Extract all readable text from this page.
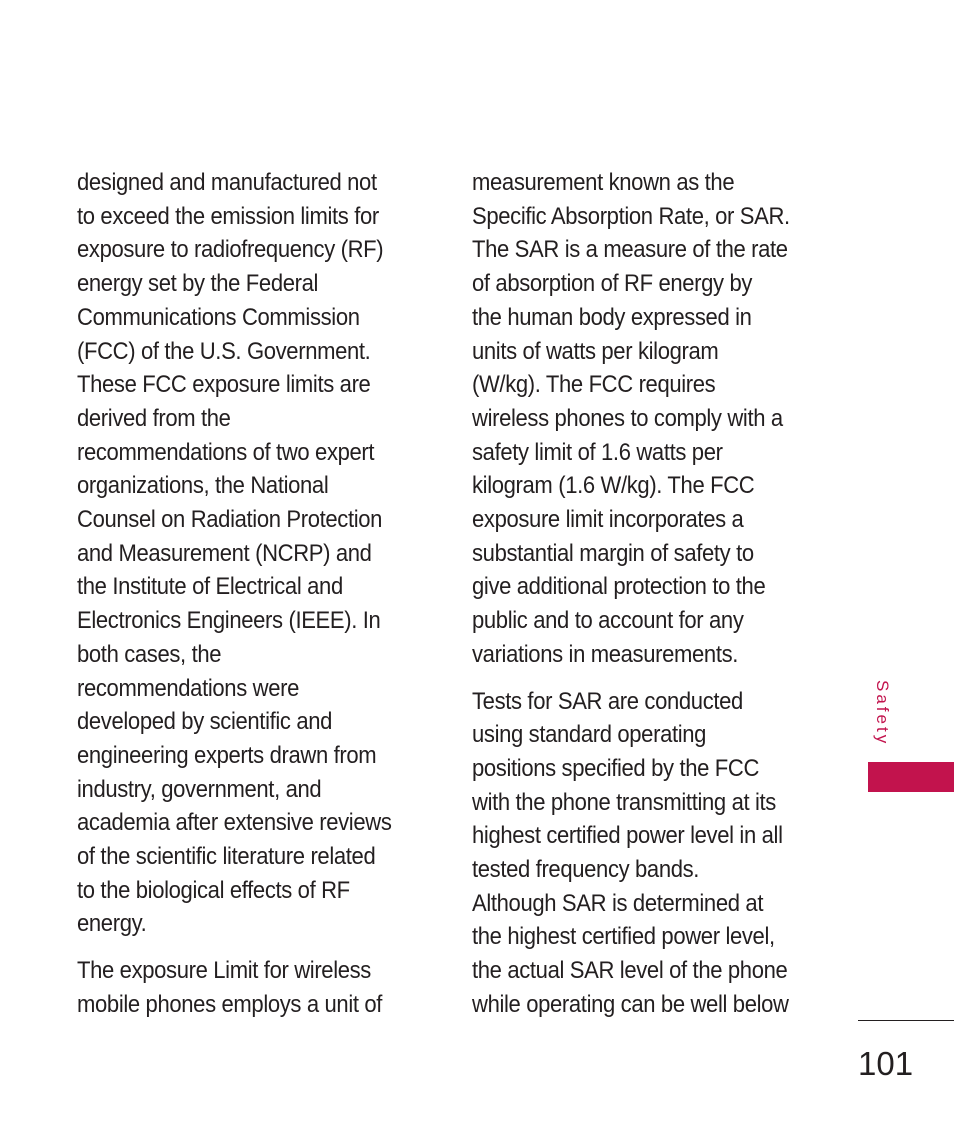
designed and manufactured not
to exceed the emission limits for
exposure to radiofrequency (RF)
energy set by the Federal
Communications Commission
(FCC) of the U.S. Government.
These FCC exposure limits are
derived from the
recommendations of two expert
organizations, the National
Counsel on Radiation Protection
and Measurement (NCRP) and
the Institute of Electrical and
Electronics Engineers (IEEE). In
both cases, the
recommendations were
developed by scientific and
engineering experts drawn from
industry, government, and
academia after extensive reviews
of the scientific literature related
to the biological effects of RF
energy.
The exposure Limit for wireless
mobile phones employs a unit of
measurement known as the
Specific Absorption Rate, or SAR.
The SAR is a measure of the rate
of absorption of RF energy by
the human body expressed in
units of watts per kilogram
(W/kg). The FCC requires
wireless phones to comply with a
safety limit of 1.6 watts per
kilogram (1.6 W/kg). The FCC
exposure limit incorporates a
substantial margin of safety to
give additional protection to the
public and to account for any
variations in measurements.
Tests for SAR are conducted
using standard operating
positions specified by the FCC
with the phone transmitting at its
highest certified power level in all
tested frequency bands.
Although SAR is determined at
the highest certified power level,
the actual SAR level of the phone
while operating can be well below
Safety
101
